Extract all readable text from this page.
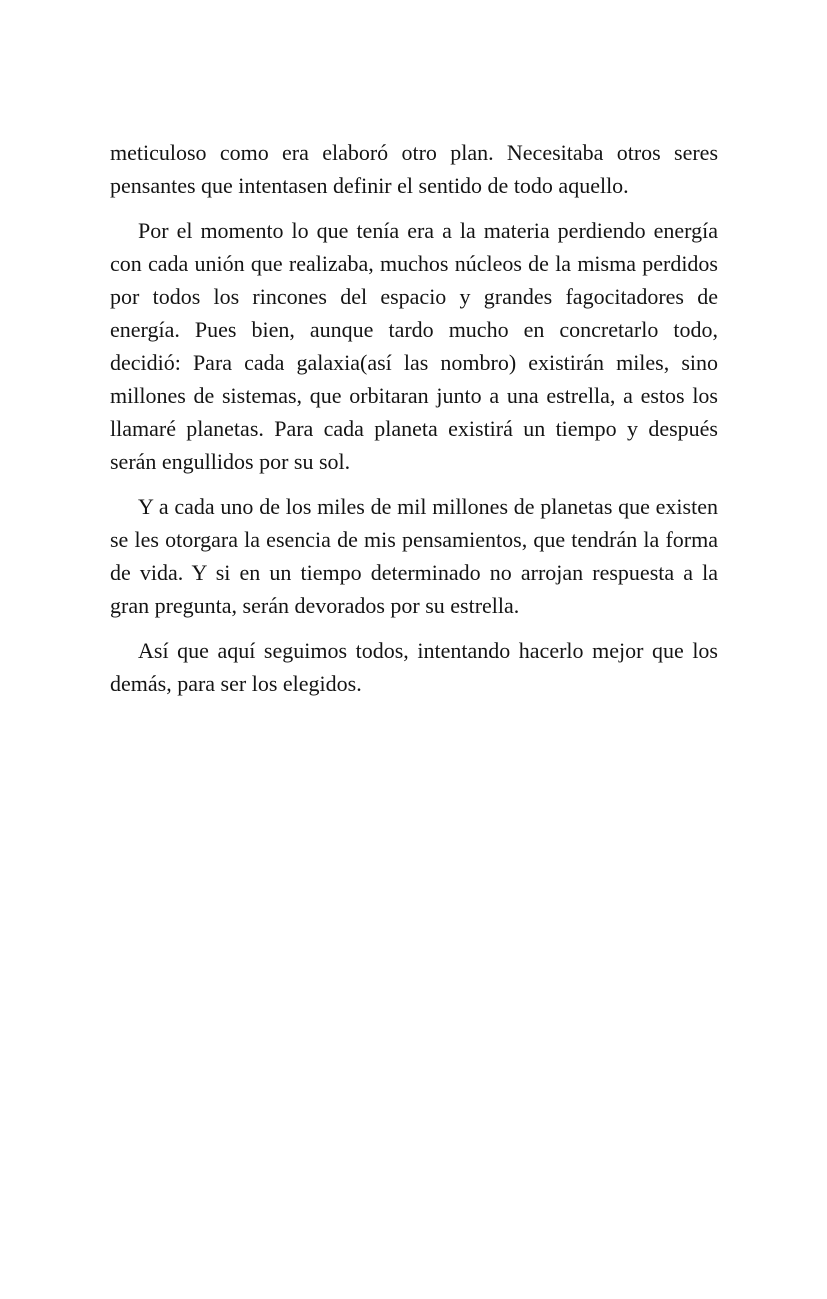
meticuloso como era elaboró otro plan. Necesitaba otros seres pensantes que intentasen definir el sentido de todo aquello.

Por el momento lo que tenía era a la materia perdiendo energía con cada unión que realizaba, muchos núcleos de la misma perdidos por todos los rincones del espacio y grandes fagocitadores de energía. Pues bien, aunque tardo mucho en concretarlo todo, decidió: Para cada galaxia(así las nombro) existirán miles, sino millones de sistemas, que orbitaran junto a una estrella, a estos los llamaré planetas. Para cada planeta existirá un tiempo y después serán engullidos por su sol.

Y a cada uno de los miles de mil millones de planetas que existen se les otorgara la esencia de mis pensamientos, que tendrán la forma de vida. Y si en un tiempo determinado no arrojan respuesta a la gran pregunta, serán devorados por su estrella.

Así que aquí seguimos todos, intentando hacerlo mejor que los demás, para ser los elegidos.
